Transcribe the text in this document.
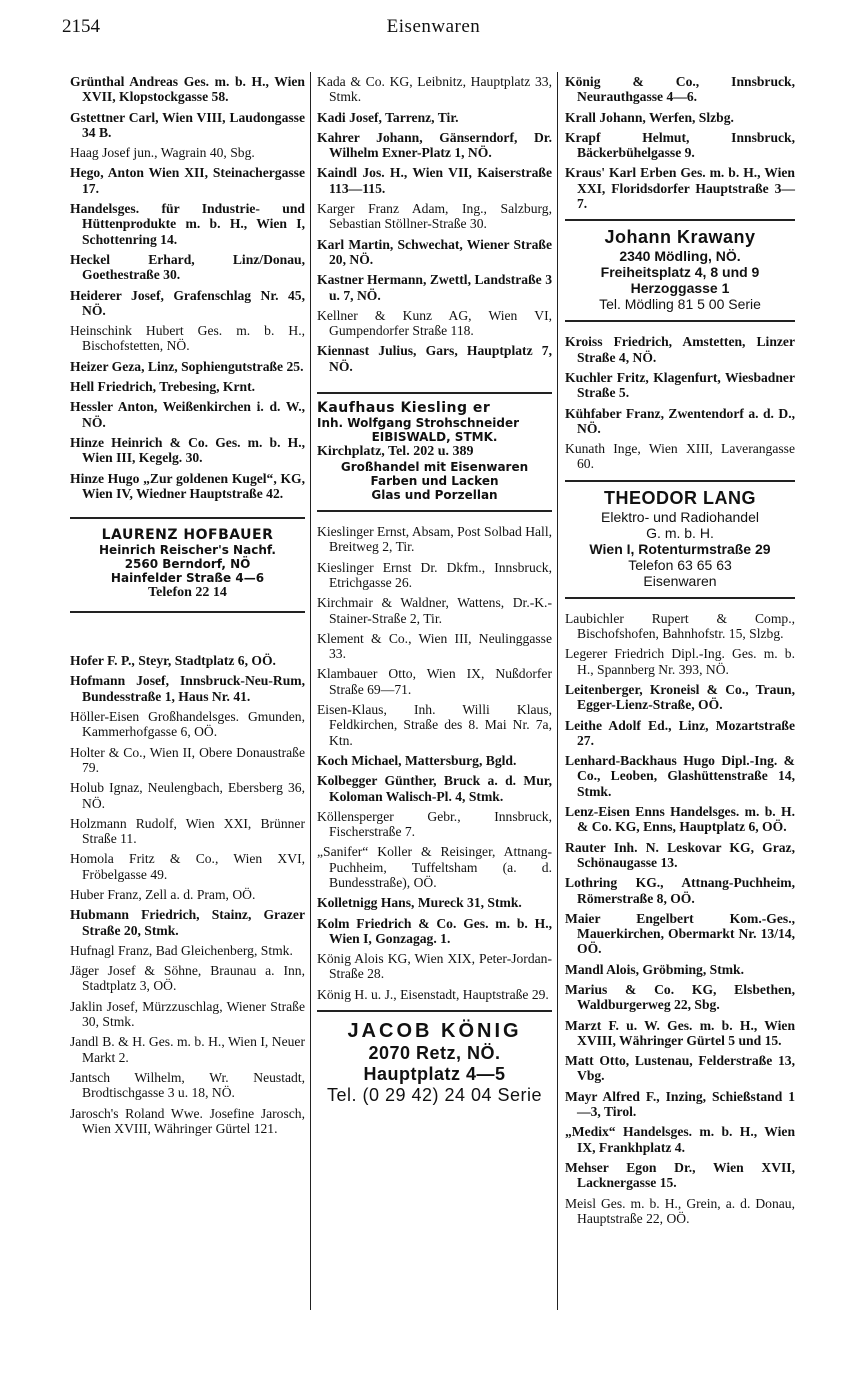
2154	Eisenwaren

Grünthal Andreas Ges. m. b. H., Wien XVII, Klopstockgasse 58.

Gstettner Carl, Wien VIII, Laudongasse 34 B.

Haag Josef jun., Wagrain 40, Sbg.

Hego, Anton Wien XII, Steinachergasse 17.

Handelsges. für Industrie- und Hüttenprodukte m. b. H., Wien I, Schottenring 14.

Heckel Erhard, Linz/Donau, Goethestraße 30.

Heiderer Josef, Grafenschlag Nr. 45, NÖ.

Heinschink Hubert Ges. m. b. H., Bischofstetten, NÖ.

Heizer Geza, Linz, Sophiengutstraße 25.

Hell Friedrich, Trebesing, Krnt.

Hessler Anton, Weißenkirchen i. d. W., NÖ.

Hinze Heinrich & Co. Ges. m. b. H., Wien III, Kegelg. 30.

Hinze Hugo „Zur goldenen Kugel“, KG, Wien IV, Wiedner Hauptstraße 42.

LAURENZ HOFBAUER
Heinrich Reischer's Nachf.
2560 Berndorf, NÖ
Hainfelder Straße 4—6
Telefon 22 14

Hofer F. P., Steyr, Stadtplatz 6, OÖ.

Hofmann Josef, Innsbruck-Neu-Rum, Bundesstraße 1, Haus Nr. 41.

Höller-Eisen Großhandelsges. Gmunden, Kammerhofgasse 6, OÖ.

Holter & Co., Wien II, Obere Donaustraße 79.

Holub Ignaz, Neulengbach, Ebersberg 36, NÖ.

Holzmann Rudolf, Wien XXI, Brünner Straße 11.

Homola Fritz & Co., Wien XVI, Fröbelgasse 49.

Huber Franz, Zell a. d. Pram, OÖ.

Hubmann Friedrich, Stainz, Grazer Straße 20, Stmk.

Hufnagl Franz, Bad Gleichenberg, Stmk.

Jäger Josef & Söhne, Braunau a. Inn, Stadtplatz 3, OÖ.

Jaklin Josef, Mürzzuschlag, Wiener Straße 30, Stmk.

Jandl B. & H. Ges. m. b. H., Wien I, Neuer Markt 2.

Jantsch Wilhelm, Wr. Neustadt, Brodtischgasse 3 u. 18, NÖ.

Jarosch's Roland Wwe. Josefine Jarosch, Wien XVIII, Währinger Gürtel 121.

Kada & Co. KG, Leibnitz, Hauptplatz 33, Stmk.

Kadi Josef, Tarrenz, Tir.

Kahrer Johann, Gänserndorf, Dr. Wilhelm Exner-Platz 1, NÖ.

Kaindl Jos. H., Wien VII, Kaiserstraße 113—115.

Karger Franz Adam, Ing., Salzburg, Sebastian Stöllner-Straße 30.

Karl Martin, Schwechat, Wiener Straße 20, NÖ.

Kastner Hermann, Zwettl, Landstraße 3 u. 7, NÖ.

Kellner & Kunz AG, Wien VI, Gumpendorfer Straße 118.

Kiennast Julius, Gars, Hauptplatz 7, NÖ.

Kaufhaus Kiesling er
Inh. Wolfgang Strohschneider
EIBISWALD, STMK.
Kirchplatz, Tel. 202 u. 389
Großhandel mit Eisenwaren
Farben und Lacken
Glas und Porzellan

Kieslinger Ernst, Absam, Post Solbad Hall, Breitweg 2, Tir.

Kieslinger Ernst Dr. Dkfm., Innsbruck, Etrichgasse 26.

Kirchmair & Waldner, Wattens, Dr.-K.-Stainer-Straße 2, Tir.

Klement & Co., Wien III, Neulinggasse 33.

Klambauer Otto, Wien IX, Nußdorfer Straße 69—71.

Eisen-Klaus, Inh. Willi Klaus, Feldkirchen, Straße des 8. Mai Nr. 7a, Ktn.

Koch Michael, Mattersburg, Bgld.

Kolbegger Günther, Bruck a. d. Mur, Koloman Walisch-Pl. 4, Stmk.

Köllensperger Gebr., Innsbruck, Fischerstraße 7.

„Sanifer“ Koller & Reisinger, Attnang-Puchheim, Tuffeltsham (a. d. Bundesstraße), OÖ.

Kolletnigg Hans, Mureck 31, Stmk.

Kolm Friedrich & Co. Ges. m. b. H., Wien I, Gonzagag. 1.

König Alois KG, Wien XIX, Peter-Jordan-Straße 28.

König H. u. J., Eisenstadt, Hauptstraße 29.

JACOB KÖNIG
2070 Retz, NÖ.
Hauptplatz 4—5
Tel. (0 29 42) 24 04 Serie

König & Co., Innsbruck, Neurauthgasse 4—6.

Krall Johann, Werfen, Slzbg.

Krapf Helmut, Innsbruck, Bäckerbühelgasse 9.

Kraus' Karl Erben Ges. m. b. H., Wien XXI, Floridsdorfer Hauptstraße 3—7.

Johann Krawany
2340 Mödling, NÖ.
Freiheitsplatz 4, 8 und 9
Herzoggasse 1
Tel. Mödling 81 5 00 Serie

Kroiss Friedrich, Amstetten, Linzer Straße 4, NÖ.

Kuchler Fritz, Klagenfurt, Wiesbadner Straße 5.

Kühfaber Franz, Zwentendorf a. d. D., NÖ.

Kunath Inge, Wien XIII, Laverangasse 60.

THEODOR LANG
Elektro- und Radiohandel
G. m. b. H.
Wien I, Rotenturmstraße 29
Telefon 63 65 63
Eisenwaren

Laubichler Rupert & Comp., Bischofshofen, Bahnhofstr. 15, Slzbg.

Legerer Friedrich Dipl.-Ing. Ges. m. b. H., Spannberg Nr. 393, NÖ.

Leitenberger, Kroneisl & Co., Traun, Egger-Lienz-Straße, OÖ.

Leithe Adolf Ed., Linz, Mozartstraße 27.

Lenhard-Backhaus Hugo Dipl.-Ing. & Co., Leoben, Glashüttenstraße 14, Stmk.

Lenz-Eisen Enns Handelsges. m. b. H. & Co. KG, Enns, Hauptplatz 6, OÖ.

Rauter Inh. N. Leskovar KG, Graz, Schönaugasse 13.

Lothring KG., Attnang-Puchheim, Römerstraße 8, OÖ.

Maier Engelbert Kom.-Ges., Mauerkirchen, Obermarkt Nr. 13/14, OÖ.

Mandl Alois, Gröbming, Stmk.

Marius & Co. KG, Elsbethen, Waldburgerweg 22, Sbg.

Marzt F. u. W. Ges. m. b. H., Wien XVIII, Währinger Gürtel 5 und 15.

Matt Otto, Lustenau, Felderstraße 13, Vbg.

Mayr Alfred F., Inzing, Schießstand 1—3, Tirol.

„Medix“ Handelsges. m. b. H., Wien IX, Frankhplatz 4.

Mehser Egon Dr., Wien XVII, Lacknergasse 15.

Meisl Ges. m. b. H., Grein, a. d. Donau, Hauptstraße 22, OÖ.
